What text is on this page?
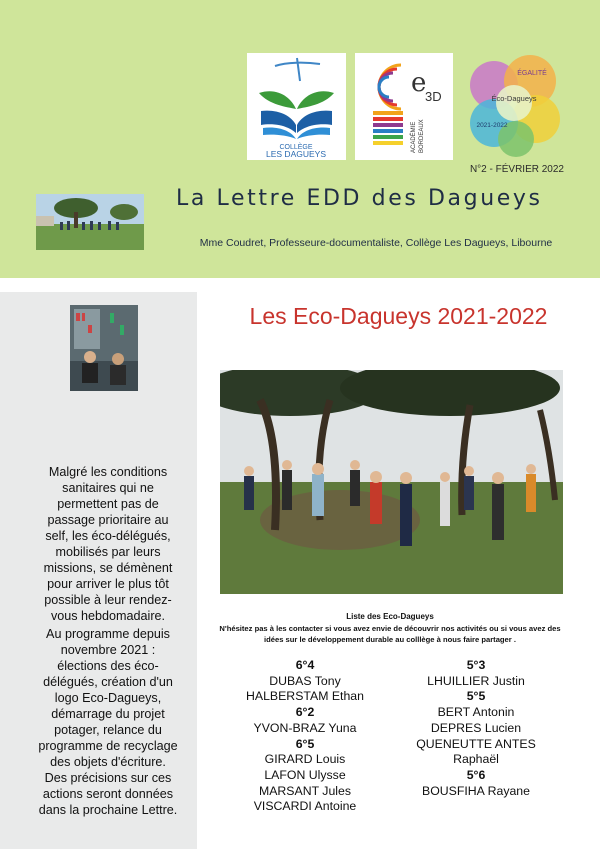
COLLÈGE
LES DAGUEYS
e
3D
ACADÉMIE BORDEAUX
ÉGALITÉ
Éco-Dagueys
2021-2022
N°2 - FÉVRIER 2022
La Lettre EDD des Dagueys
Mme Coudret, Professeure-documentaliste, Collège Les Dagueys, Libourne
Malgré les conditions sanitaires qui ne permettent pas de passage prioritaire au self, les éco-délégués, mobilisés par leurs missions, se démènent pour arriver le plus tôt possible à leur rendez-vous hebdomadaire.
Au programme depuis novembre 2021 : élections des éco-délégués, création d'un logo Eco-Dagueys, démarrage du projet potager, relance du programme de recyclage des objets d'écriture. Des précisions sur ces actions seront données dans la prochaine Lettre.
Les Eco-Dagueys 2021-2022
Liste des Eco-Dagueys
N'hésitez pas à les contacter si vous avez envie de découvrir nos activités ou si vous avez des idées sur le développement durable au colllège à nous faire partager .
6°4
DUBAS Tony
HALBERSTAM Ethan
6°2
YVON-BRAZ Yuna
6°5
GIRARD Louis
LAFON Ulysse
MARSANT Jules
VISCARDI Antoine
5°3
LHUILLIER Justin
5°5
BERT Antonin
DEPRES Lucien
QUENEUTTE ANTES
Raphaël
5°6
BOUSFIHA Rayane
